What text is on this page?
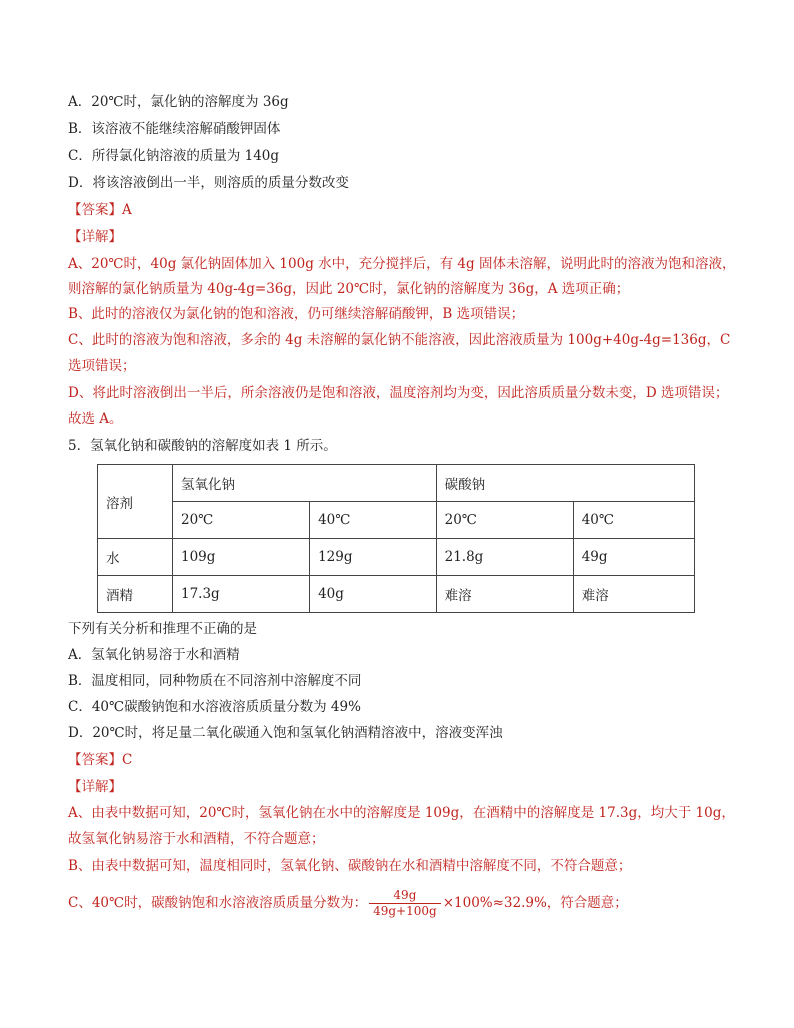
A．20℃时，氯化钠的溶解度为 36g
B．该溶液不能继续溶解硝酸钾固体
C．所得氯化钠溶液的质量为 140g
D．将该溶液倒出一半，则溶质的质量分数改变
【答案】A
【详解】
A、20℃时，40g 氯化钠固体加入 100g 水中，充分搅拌后，有 4g 固体未溶解，说明此时的溶液为饱和溶液，
则溶解的氯化钠质量为 40g-4g=36g，因此 20℃时，氯化钠的溶解度为 36g，A 选项正确；
B、此时的溶液仅为氯化钠的饱和溶液，仍可继续溶解硝酸钾，B 选项错误；
C、此时的溶液为饱和溶液，多余的 4g 未溶解的氯化钠不能溶液，因此溶液质量为 100g+40g-4g=136g，C
选项错误；
D、将此时溶液倒出一半后，所余溶液仍是饱和溶液，温度溶剂均为变，因此溶质质量分数未变，D 选项错误；
故选 A。
5．氢氧化钠和碳酸钠的溶解度如表 1 所示。
溶剂	氢氧化钠		碳酸钠	
	20℃	40℃	20℃	40℃
水	109g	129g	21.8g	49g
酒精	17.3g	40g	难溶	难溶
下列有关分析和推理不正确的是
A．氢氧化钠易溶于水和酒精
B．温度相同，同种物质在不同溶剂中溶解度不同
C．40℃碳酸钠饱和水溶液溶质质量分数为 49%
D．20℃时，将足量二氧化碳通入饱和氢氧化钠酒精溶液中，溶液变浑浊
【答案】C
【详解】
A、由表中数据可知，20℃时，氢氧化钠在水中的溶解度是 109g，在酒精中的溶解度是 17.3g，均大于 10g，
故氢氧化钠易溶于水和酒精，不符合题意；
B、由表中数据可知，温度相同时，氢氧化钠、碳酸钠在水和酒精中溶解度不同，不符合题意；
C、40℃时，碳酸钠饱和水溶液溶质质量分数为： $\frac{49g}{49g+100g} \times 100\%\approx 32.9\%$，符合题意；
